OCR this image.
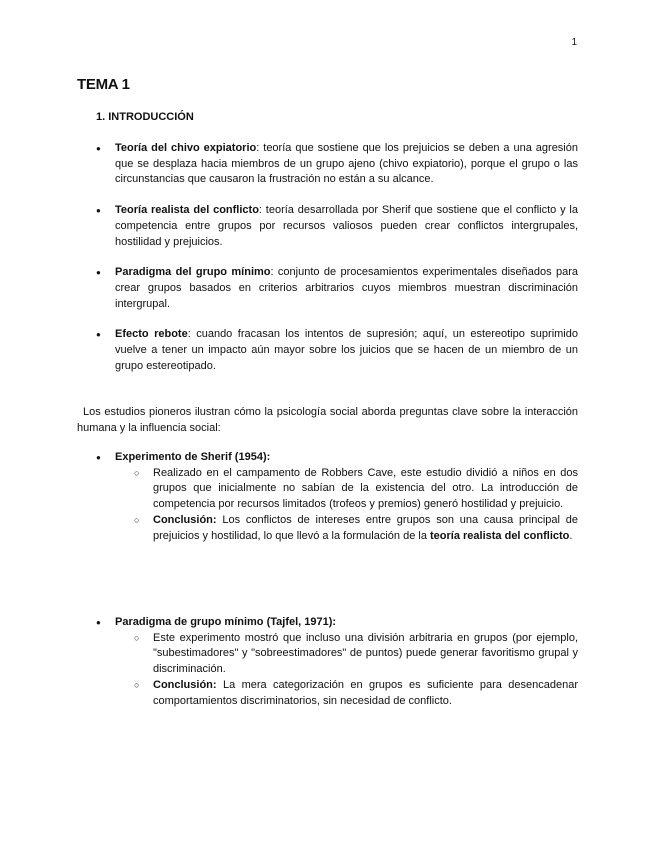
1
TEMA 1
1. INTRODUCCIÓN
● Teoría del chivo expiatorio: teoría que sostiene que los prejuicios se deben a una agresión que se desplaza hacia miembros de un grupo ajeno (chivo expiatorio), porque el grupo o las circunstancias que causaron la frustración no están a su alcance.
● Teoría realista del conflicto: teoría desarrollada por Sherif que sostiene que el conflicto y la competencia entre grupos por recursos valiosos pueden crear conflictos intergrupales, hostilidad y prejuicios.
● Paradigma del grupo mínimo: conjunto de procesamientos experimentales diseñados para crear grupos basados en criterios arbitrarios cuyos miembros muestran discriminación intergrupal.
● Efecto rebote: cuando fracasan los intentos de supresión; aquí, un estereotipo suprimido vuelve a tener un impacto aún mayor sobre los juicios que se hacen de un miembro de un grupo estereotipado.

Los estudios pioneros ilustran cómo la psicología social aborda preguntas clave sobre la interacción humana y la influencia social:

● Experimento de Sherif (1954):
○ Realizado en el campamento de Robbers Cave, este estudio dividió a niños en dos grupos que inicialmente no sabían de la existencia del otro. La introducción de competencia por recursos limitados (trofeos y premios) generó hostilidad y prejuicio.
○ Conclusión: Los conflictos de intereses entre grupos son una causa principal de prejuicios y hostilidad, lo que llevó a la formulación de la teoría realista del conflicto.
● Paradigma de grupo mínimo (Tajfel, 1971):
○ Este experimento mostró que incluso una división arbitraria en grupos (por ejemplo, "subestimadores" y "sobreestimadores" de puntos) puede generar favoritismo grupal y discriminación.
○ Conclusión: La mera categorización en grupos es suficiente para desencadenar comportamientos discriminatorios, sin necesidad de conflicto.
